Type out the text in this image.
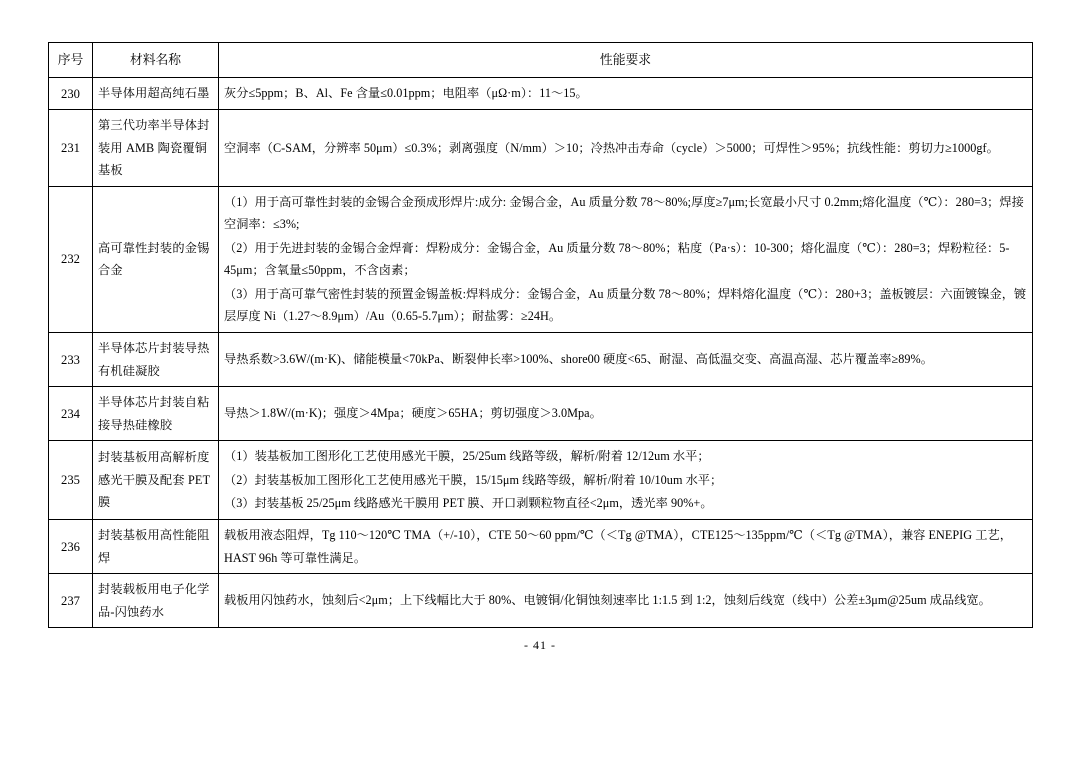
序号	材料名称	性能要求
230	半导体用超高纯石墨	灰分≤5ppm；B、Al、Fe 含量≤0.01ppm；电阻率（μΩ·m）：11～15。

231	第三代功率半导体封装用 AMB 陶瓷覆铜基板	空洞率（C-SAM，分辨率 50μm）≤0.3%；剥离强度（N/mm）＞10；冷热冲击寿命（cycle）＞5000；可焊性＞95%；抗线性能：剪切力≥1000gf。

232	高可靠性封装的金锡合金	（1）用于高可靠性封装的金锡合金预成形焊片:成分: 金锡合金，Au 质量分数 78～80%;厚度≥7μm;长宽最小尺寸 0.2mm;熔化温度（℃）：280=3；焊接空洞率：≤3%;
（2）用于先进封装的金锡合金焊膏：焊粉成分：金锡合金，Au 质量分数 78～80%；粘度（Pa·s）：10-300；熔化温度（℃）：280=3；焊粉粒径：5-45μm；含氧量≤50ppm，不含卤素；
（3）用于高可靠气密性封装的预置金锡盖板:焊料成分：金锡合金，Au 质量分数 78～80%；焊料熔化温度（℃）：280+3；盖板镀层：六面镀镍金，镀层厚度 Ni（1.27～8.9μm）/Au（0.65-5.7μm）；耐盐雾：≥24H。

233	半导体芯片封装导热有机硅凝胶	导热系数>3.6W/(m·K)、储能模量<70kPa、断裂伸长率>100%、shore00 硬度<65、耐湿、高低温交变、高温高湿、芯片覆盖率≥89%。

234	半导体芯片封装自粘接导热硅橡胶	导热＞1.8W/(m·K)；强度＞4Mpa；硬度＞65HA；剪切强度＞3.0Mpa。

235	封装基板用高解析度感光干膜及配套 PET 膜	（1）装基板加工图形化工艺使用感光干膜，25/25um 线路等级，解析/附着 12/12um 水平；
（2）封装基板加工图形化工艺使用感光干膜，15/15μm 线路等级，解析/附着 10/10um 水平；
（3）封装基板 25/25μm 线路感光干膜用 PET 膜、开口剥颗粒物直径<2μm，透光率 90%+。

236	封装基板用高性能阻焊	载板用液态阻焊，Tg 110～120℃ TMA（+/-10），CTE 50～60 ppm/℃（＜Tg @TMA），CTE125～135ppm/℃（＜Tg @TMA），兼容 ENEPIG 工艺，HAST 96h 等可靠性满足。

237	封装载板用电子化学品-闪蚀药水	载板用闪蚀药水，蚀刻后<2μm；上下线幅比大于 80%、电镀铜/化铜蚀刻速率比 1:1.5 到 1:2，蚀刻后线宽（线中）公差±3μm@25um 成品线宽。
- 41 -
